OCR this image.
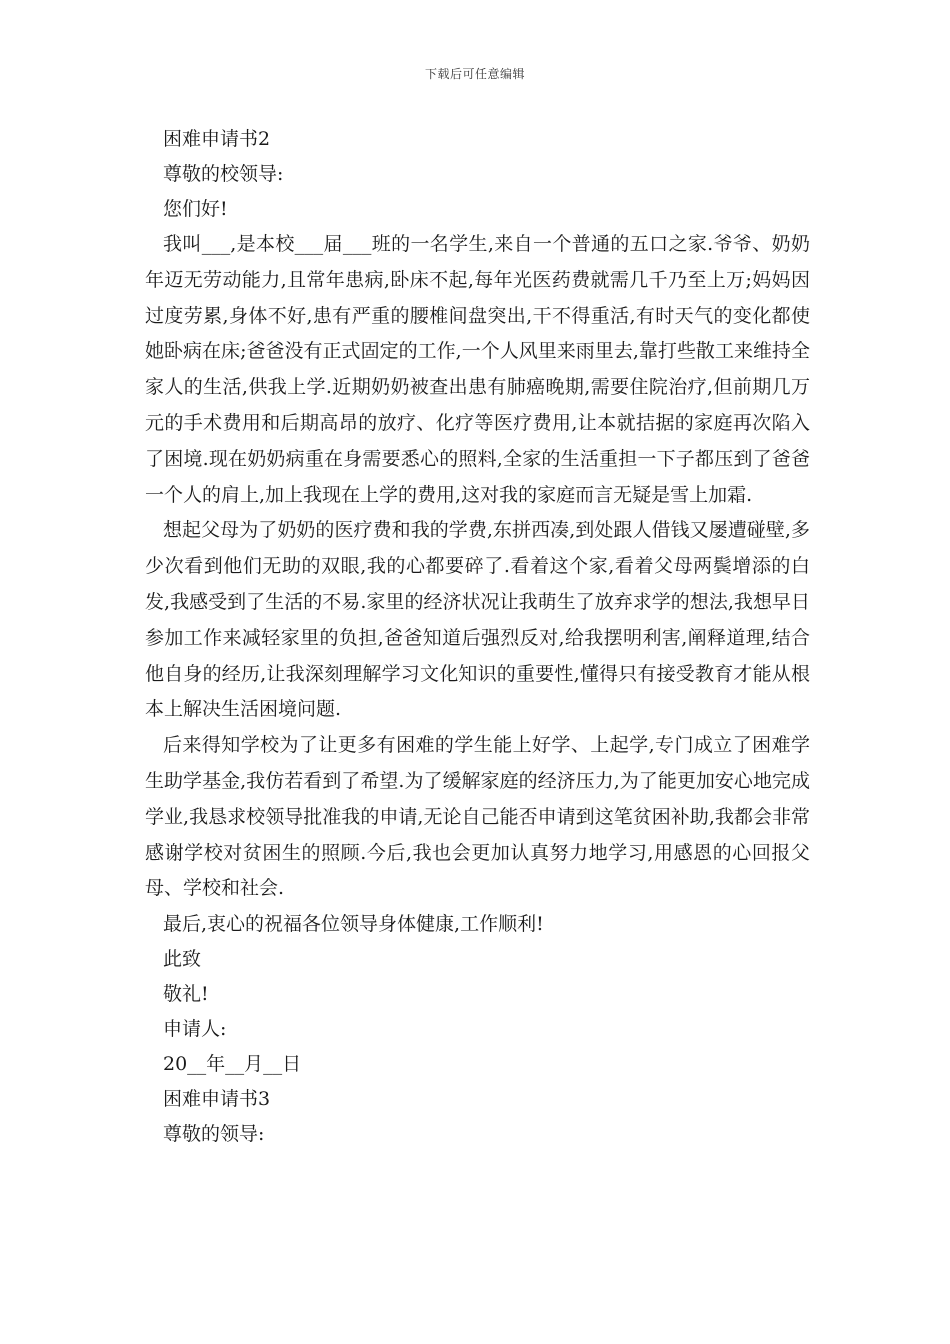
下载后可任意编辑
困难申请书2
尊敬的校领导:
您们好!

我叫___,是本校___届___班的一名学生,来自一个普通的五口之家.爷爷、奶奶年迈无劳动能力,且常年患病,卧床不起,每年光医药费就需几千乃至上万;妈妈因过度劳累,身体不好,患有严重的腰椎间盘突出,干不得重活,有时天气的变化都使她卧病在床;爸爸没有正式固定的工作,一个人风里来雨里去,靠打些散工来维持全家人的生活,供我上学.近期奶奶被查出患有肺癌晚期,需要住院治疗,但前期几万元的手术费用和后期高昂的放疗、化疗等医疗费用,让本就拮据的家庭再次陷入了困境.现在奶奶病重在身需要悉心的照料,全家的生活重担一下子都压到了爸爸一个人的肩上,加上我现在上学的费用,这对我的家庭而言无疑是雪上加霜.

想起父母为了奶奶的医疗费和我的学费,东拼西凑,到处跟人借钱又屡遭碰壁,多少次看到他们无助的双眼,我的心都要碎了.看着这个家,看着父母两鬓增添的白发,我感受到了生活的不易.家里的经济状况让我萌生了放弃求学的想法,我想早日参加工作来减轻家里的负担,爸爸知道后强烈反对,给我摆明利害,阐释道理,结合他自身的经历,让我深刻理解学习文化知识的重要性,懂得只有接受教育才能从根本上解决生活困境问题.

后来得知学校为了让更多有困难的学生能上好学、上起学,专门成立了困难学生助学基金,我仿若看到了希望.为了缓解家庭的经济压力,为了能更加安心地完成学业,我恳求校领导批准我的申请,无论自己能否申请到这笔贫困补助,我都会非常感谢学校对贫困生的照顾.今后,我也会更加认真努力地学习,用感恩的心回报父母、学校和社会.

最后,衷心的祝福各位领导身体健康,工作顺利!
此致
敬礼!
申请人:
20__年__月__日
困难申请书3
尊敬的领导:
